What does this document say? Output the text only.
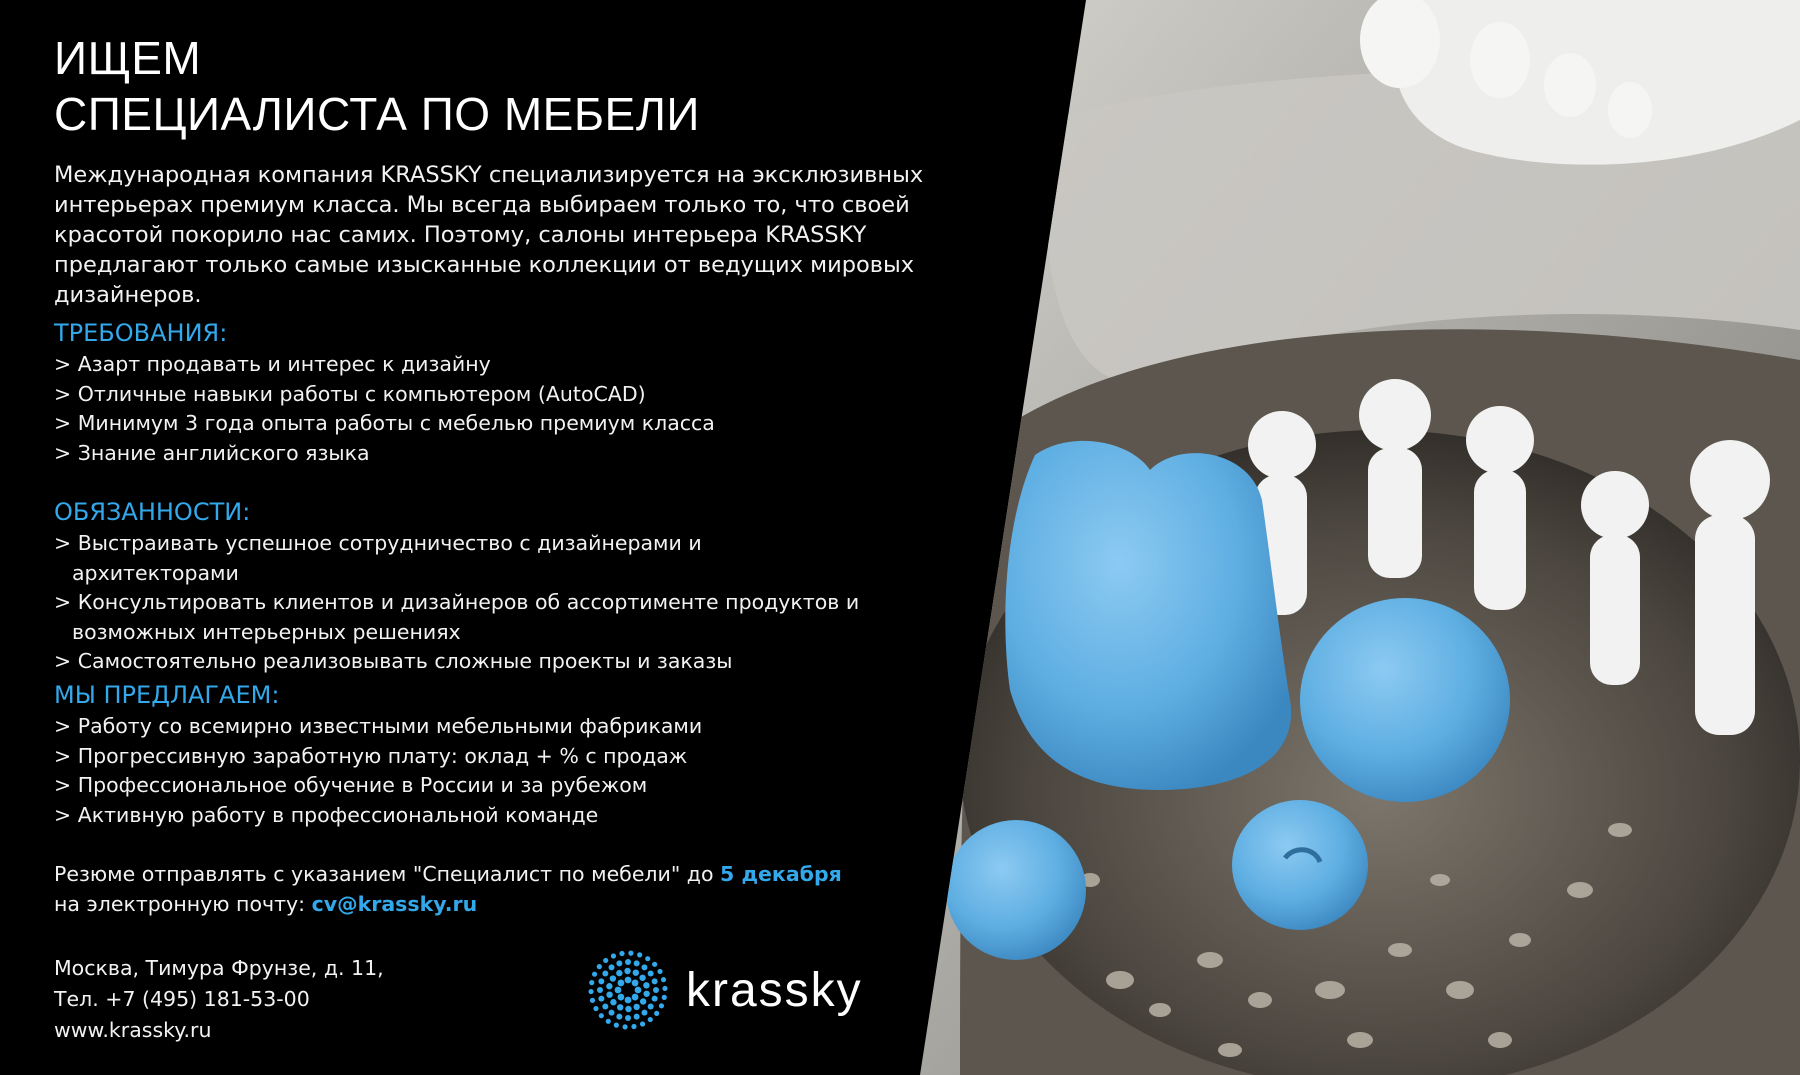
ИЩЕМ
СПЕЦИАЛИСТА ПО МЕБЕЛИ

Международная компания KRASSKY специализируется на эксклюзивных интерьерах премиум класса. Мы всегда выбираем только то, что своей красотой покорило нас самих. Поэтому, салоны интерьера KRASSKY предлагают только самые изысканные коллекции от ведущих мировых дизайнеров.

ТРЕБОВАНИЯ:
> Азарт продавать и интерес к дизайну
> Отличные навыки работы с компьютером (AutoCAD)
> Минимум 3 года опыта работы с мебелью премиум класса
> Знание английского языка
ОБЯЗАННОСТИ:
> Выстраивать успешное сотрудничество с дизайнерами и архитекторами
> Консультировать клиентов и дизайнеров об ассортименте продуктов и возможных интерьерных решениях
> Самостоятельно реализовывать сложные проекты и заказы
МЫ ПРЕДЛАГАЕМ:
> Работу со всемирно известными мебельными фабриками
> Прогрессивную заработную плату: оклад + % с продаж
> Профессиональное обучение в России и за рубежом
> Активную работу в профессиональной команде

Резюме отправлять с указанием "Специалист по мебели" до 5 декабря
на электронную почту: cv@krassky.ru

Москва, Тимура Фрунзе, д. 11,
Тел. +7 (495) 181-53-00
www.krassky.ru
krassky
